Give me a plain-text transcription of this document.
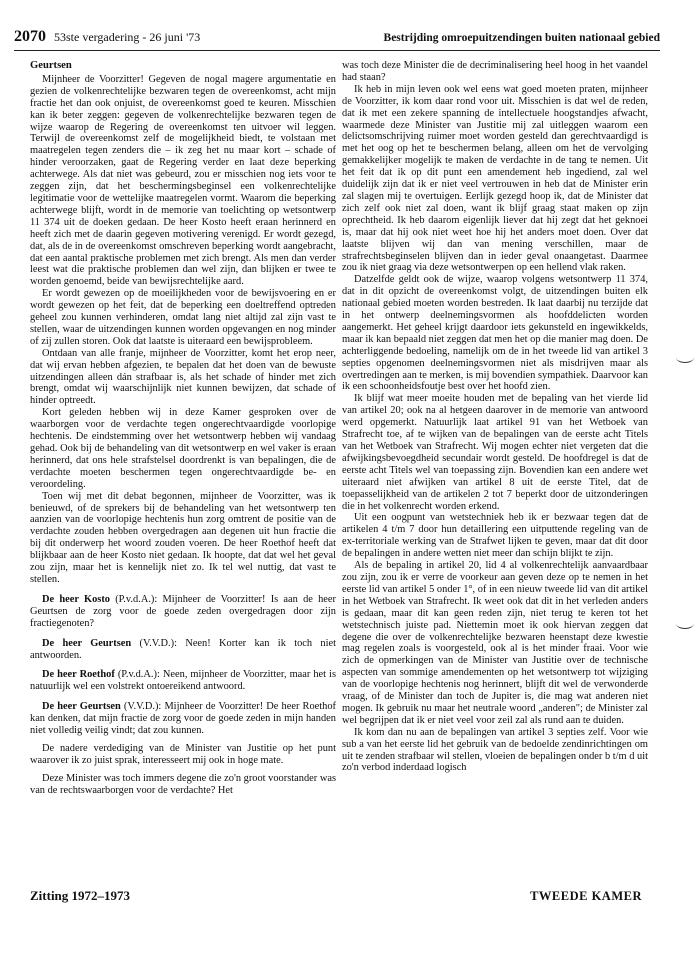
2070 53ste vergadering - 26 juni '73	Bestrijding omroepuitzendingen buiten nationaal gebied
Geurtsen

Mijnheer de Voorzitter! Gegeven de nogal magere argumentatie en gezien de volkenrechtelijke bezwaren tegen de overeenkomst, acht mijn fractie het dan ook onjuist, de overeenkomst goed te keuren. Misschien kan ik beter zeggen: gegeven de volkenrechtelijke bezwaren tegen de wijze waarop de Regering de overeenkomst ten uitvoer wil leggen. Terwijl de overeenkomst zelf de mogelijkheid biedt, te volstaan met maatregelen tegen zenders die – ik zeg het nu maar kort – schade of hinder veroorzaken, gaat de Regering verder en laat deze beperking achterwege. Als dat niet was gebeurd, zou er misschien nog iets voor te zeggen zijn, dat het beschermingsbeginsel een volkenrechtelijke legitimatie voor de wettelijke maatregelen vormt. Waarom die beperking achterwege blijft, wordt in de memorie van toelichting op wetsontwerp 11 374 uit de doeken gedaan. De heer Kosto heeft eraan herinnerd en heeft zich met de daarin gegeven motivering verenigd. Er wordt gezegd, dat, als de in de overeenkomst omschreven beperking wordt aangebracht, dat een aantal praktische problemen met zich brengt. Als men dan verder leest wat die praktische problemen dan wel zijn, dan blijken er twee te worden genoemd, beide van bewijsrechtelijke aard.

Er wordt gewezen op de moeilijkheden voor de bewijsvoering en er wordt gewezen op het feit, dat de beperking een doeltreffend optreden geheel zou kunnen verhinderen, omdat lang niet altijd zal zijn vast te stellen, waar de uitzendingen kunnen worden opgevangen en nog minder of zij zullen storen. Ook dat laatste is uiteraard een bewijsprobleem.

Ontdaan van alle franje, mijnheer de Voorzitter, komt het erop neer, dat wij ervan hebben afgezien, te bepalen dat het doen van de bewuste uitzendingen alleen dán strafbaar is, als het schade of hinder met zich brengt, omdat wij waarschijnlijk niet kunnen bewijzen, dat schade of hinder optreedt.

Kort geleden hebben wij in deze Kamer gesproken over de waarborgen voor de verdachte tegen ongerechtvaardigde voorlopige hechtenis. De eindstemming over het wetsontwerp hebben wij vandaag gehad. Ook bij de behandeling van dit wetsontwerp en wel vaker is eraan herinnerd, dat ons hele strafstelsel doordrenkt is van bepalingen, die de verdachte moeten beschermen tegen ongerechtvaardigde be- en veroordeling.

Toen wij met dit debat begonnen, mijnheer de Voorzitter, was ik benieuwd, of de sprekers bij de behandeling van het wetsontwerp ten aanzien van de voorlopige hechtenis hun zorg omtrent de positie van de verdachte zouden hebben overgedragen aan degenen uit hun fractie die bij dit onderwerp het woord zouden voeren. De heer Roethof heeft dat blijkbaar aan de heer Kosto niet gedaan. Ik hoopte, dat dat wel het geval zou zijn, maar het is kennelijk niet zo. Ik tel wel nuttig, dat vast te stellen.

De heer Kosto (P.v.d.A.): Mijnheer de Voorzitter! Is aan de heer Geurtsen de zorg voor de goede zeden overgedragen door zijn fractiegenoten?

De heer Geurtsen (V.V.D.): Neen! Korter kan ik toch niet antwoorden.

De heer Roethof (P.v.d.A.): Neen, mijnheer de Voorzitter, maar het is natuurlijk wel een volstrekt ontoereikend antwoord.

De heer Geurtsen (V.V.D.): Mijnheer de Voorzitter! De heer Roethof kan denken, dat mijn fractie de zorg voor de goede zeden in mijn handen niet volledig veilig vindt; dat zou kunnen.

De nadere verdediging van de Minister van Justitie op het punt waarover ik zo juist sprak, interesseert mij ook in hoge mate.

Deze Minister was toch immers degene die zo'n groot voorstander was van de rechtswaarborgen voor de verdachte? Het

was toch deze Minister die de decriminalisering heel hoog in het vaandel had staan?

Ik heb in mijn leven ook wel eens wat goed moeten praten, mijnheer de Voorzitter, ik kom daar rond voor uit. Misschien is dat wel de reden, dat ik met een zekere spanning de intellectuele hoogstandjes afwacht, waarmede deze Minister van Justitie mij zal uitleggen waarom een delictsomschrijving ruimer moet worden gesteld dan gerechtvaardigd is met het oog op het te beschermen belang, alleen om het de vervolging gemakkelijker mogelijk te maken de verdachte in de tang te nemen. Uit het feit dat ik op dit punt een amendement heb ingediend, zal wel duidelijk zijn dat ik er niet veel vertrouwen in heb dat de Minister erin zal slagen mij te overtuigen. Eerlijk gezegd hoop ik, dat de Minister dat zich zelf ook niet zal doen, want ik blijf graag staat maken op zijn oprechtheid. Ik heb daarom eigenlijk liever dat hij zegt dat het geknoei is, maar dat hij ook niet weet hoe hij het anders moet doen. Over dat laatste blijven wij dan van mening verschillen, maar de strafrechtsbeginselen blijven dan in ieder geval onaangetast. Daarmee zou ik niet graag via deze wetsontwerpen op een hellend vlak raken.

Datzelfde geldt ook de wijze, waarop volgens wetsontwerp 11 374, dat in dit opzicht de overeenkomst volgt, de uitzendingen buiten elk nationaal gebied moeten worden bestreden. Ik laat daarbij nu terzijde dat in het ontwerp deelnemingsvormen als hoofddelicten worden aangemerkt. Het geheel krijgt daardoor iets gekunsteld en ingewikkelds, maar ik kan bepaald niet zeggen dat men het op die manier mag doen. De achterliggende bedoeling, namelijk om de in het tweede lid van artikel 3 septies opgenomen deelnemingsvormen niet als misdrijven maar als overtredingen aan te merken, is mij bovendien sympathiek. Daarvoor kan ik een schoonheidsfoutje best over het hoofd zien.

Ik blijf wat meer moeite houden met de bepaling van het vierde lid van artikel 20; ook na al hetgeen daarover in de memorie van antwoord werd opgemerkt. Natuurlijk laat artikel 91 van het Wetboek van Strafrecht toe, af te wijken van de bepalingen van de eerste acht Titels van het Wetboek van Strafrecht. Wij mogen echter niet vergeten dat die afwijkingsbevoegdheid secundair wordt gesteld. De hoofdregel is dat de eerste acht Titels wel van toepassing zijn. Bovendien kan een andere wet uiteraard niet afwijken van artikel 8 uit de eerste Titel, dat de toepasselijkheid van de artikelen 2 tot 7 beperkt door de uitzonderingen die in het volkenrecht worden erkend.

Uit een oogpunt van wetstechniek heb ik er bezwaar tegen dat de artikelen 4 t/m 7 door hun detaillering een uitputtende regeling van de ex-territoriale werking van de Strafwet lijken te geven, maar dat dit door de bepalingen in andere wetten niet meer dan schijn blijkt te zijn.

Als de bepaling in artikel 20, lid 4 al volkenrechtelijk aanvaardbaar zou zijn, zou ik er verre de voorkeur aan geven deze op te nemen in het eerste lid van artikel 5 onder 1°, of in een nieuw tweede lid van dit artikel in het Wetboek van Strafrecht. Ik weet ook dat dit in het verleden anders is gedaan, maar dit kan geen reden zijn, niet terug te keren tot het wetstechnisch juiste pad. Niettemin moet ik ook hiervan zeggen dat degene die over de volkenrechtelijke bezwaren heenstapt deze kwestie mag regelen zoals is voorgesteld, ook al is het minder fraai. Voor wie zich de opmerkingen van de Minister van Justitie over de technische aspecten van sommige amendementen op het wetsontwerp tot wijziging van de voorlopige hechtenis nog herinnert, blijft dit wel de verwonderde vraag, of de Minister dan toch de Jupiter is, die mag wat anderen niet mogen. Ik gebruik nu maar het neutrale woord „anderen"; de Minister zal wel begrijpen dat ik er niet veel voor zeil zal als rund aan te duiden.

Ik kom dan nu aan de bepalingen van artikel 3 septies zelf. Voor wie sub a van het eerste lid het gebruik van de bedoelde zendinrichtingen om uit te zenden strafbaar wil stellen, vloeien de bepalingen onder b t/m d uit zo'n verbod inderdaad logisch

Zitting 1972–1973	TWEEDE KAMER
